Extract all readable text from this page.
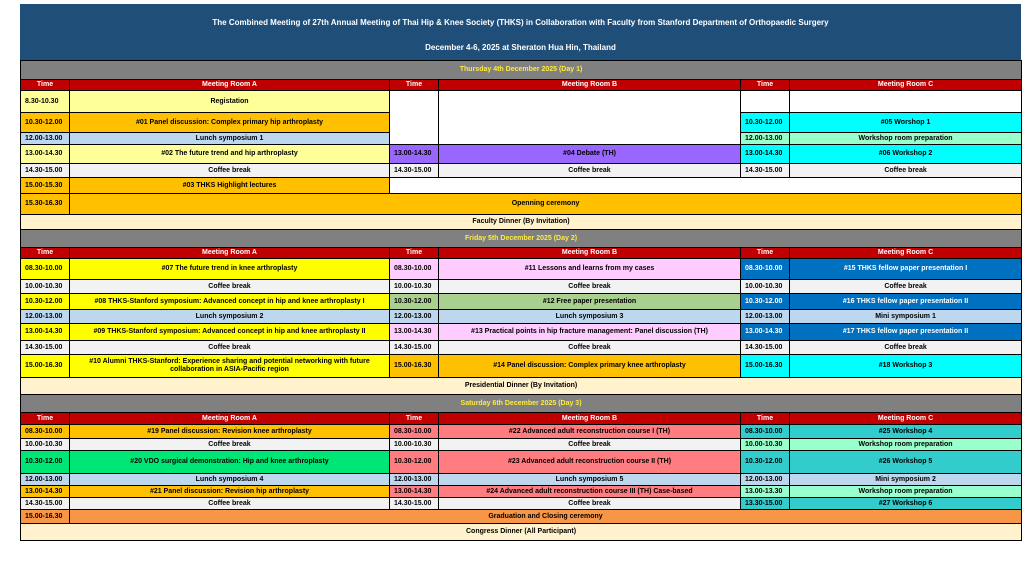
The Combined Meeting of 27th Annual Meeting of Thai Hip & Knee Society (THKS) in Collaboration with Faculty from Stanford Department of Orthopaedic Surgery
December 4-6, 2025 at Sheraton Hua Hin, Thailand
Thursday 4th December 2025 (Day 1)					
Time	Meeting Room A	Time	Meeting Room B	Time	Meeting Room C
8.30-10.30	Registation				
10.30-12.00	#01 Panel discussion: Complex primary hip arthroplasty			10.30-12.00	#05 Worshop 1
12.00-13.00	Lunch symposium 1			12.00-13.00	Workshop room preparation
13.00-14.30	#02 The future trend and hip arthroplasty	13.00-14.30	#04 Debate (TH)	13.00-14.30	#06 Workshop 2
14.30-15.00	Coffee break	14.30-15.00	Coffee break	14.30-15.00	Coffee break
15.00-15.30	#03 THKS Highlight lectures				
15.30-16.30	Openning ceremony				
Faculty Dinner (By Invitation)					
Friday 5th December 2025 (Day 2)					
Time	Meeting Room A	Time	Meeting Room B	Time	Meeting Room C
08.30-10.00	#07 The future trend in knee arthroplasty	08.30-10.00	#11 Lessons and learns from my cases	08.30-10.00	#15 THKS fellow paper presentation I
10.00-10.30	Coffee break	10.00-10.30	Coffee break	10.00-10.30	Coffee break
10.30-12.00	#08 THKS-Stanford symposium: Advanced concept in hip and knee arthroplasty I	10.30-12.00	#12 Free paper presentation	10.30-12.00	#16 THKS fellow paper presentation II
12.00-13.00	Lunch symposium 2	12.00-13.00	Lunch symposium 3	12.00-13.00	Mini symposium 1
13.00-14.30	#09 THKS-Stanford symposium: Advanced concept in hip and knee arthroplasty II	13.00-14.30	#13 Practical points in hip fracture management: Panel discussion (TH)	13.00-14.30	#17 THKS fellow paper presentation II
14.30-15.00	Coffee break	14.30-15.00	Coffee break	14.30-15.00	Coffee break
15.00-16.30	#10 Alumni THKS-Stanford: Experience sharing and potential networking with future collaboration in ASIA-Pacific region	15.00-16.30	#14 Panel discussion: Complex primary knee arthroplasty	15.00-16.30	#18 Workshop 3
Presidential Dinner (By Invitation)					
Saturday 6th December 2025 (Day 3)					
Time	Meeting Room A	Time	Meeting Room B	Time	Meeting Room C
08.30-10.00	#19 Panel discussion: Revision knee arthroplasty	08.30-10.00	#22 Advanced adult reconstruction course I (TH)	08.30-10.00	#25 Workshop 4
10.00-10.30	Coffee break	10.00-10.30	Coffee break	10.00-10.30	Workshop room preparation
10.30-12.00	#20 VDO surgical demonstration: Hip and knee arthroplasty	10.30-12.00	#23 Advanced adult reconstruction course II (TH)	10.30-12.00	#26 Workshop 5
12.00-13.00	Lunch symposium 4	12.00-13.00	Lunch symposium 5	12.00-13.00	Mini symposium 2
13.00-14.30	#21 Panel discussion: Revision hip arthroplasty	13.00-14.30	#24 Advanced adult reconstruction course III (TH) Case-based	13.00-13.30	Workshop room preparation
14.30-15.00	Coffee break	14.30-15.00	Coffee break	13.30-15.00	#27 Workshop 6
15.00-16.30	Graduation and Closing ceremony				
Congress Dinner (All Participant)					
